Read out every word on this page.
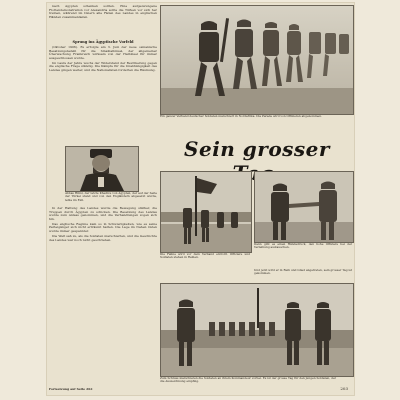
nach Ägypten schenken sollten. Eine aufgezwungene Flottendemonstration vor Alexandria sollte die Türken vor sich her treiben, während im Innern alle Fäden des Landes in englischen Händen zusammenliefen.

Sprung ins Ägyptische Vorfeld

(Oktober 1906). Es erfolgte am 3. Juni der neue osmanische Besatzungsbefehl für die Sinaihalbinsel, der allgemeiner Überwachung Frankreich wirksam von der Halbinsel für immer ausgeschlossen wurde.

Im Laufe der Jahre wuchs der Widerstand der Bevölkerung gegen die englische Frage ständig. Die Kämpfe für die Unabhängigkeit des Landes gingen weiter, und die Nationalisten forderten die Räumung.

Abbas Hilmi, der letzte Khedive von Ägypten, der auf der Seite der Türkei stand und von den Engländern abgesetzt wurde, lebte im Exil.

In der Haltung des Landes wurde die Bewegung stärker, die Truppen durch Ägypten zu schicken. Die Besetzung des Landes wurde zum Anlass genommen, und die Verhandlungen zogen sich hin.

Das englische Regime kam so in Schwierigkeiten, wie es seine Parteigänger sich nicht erträumt hatten. Die Lage im Nahen Osten wurde immer gespannter.

Die Welt sah zu, als die Soldaten marschierten, und die Geschichte des Landes war noch nicht geschrieben.

Fortsetzung auf Seite 262
Ein ganzer Verband deutscher Soldaten marschiert in Nordafrika. Die Parade wird von Offizieren abgenommen.
Sein grosser
Die Fahne wird vor dem Verband entrollt. Offiziere und Soldaten stehen in Reihen.
Dann gibt es einen Händedruck, den hohe Offiziere bei der Verleihung austauschen.
Und jetzt wird er in Reih und Glied angetreten, sein grosser Tag ist gekommen.
Zum Schluss marschieren die Soldaten an ihrem Kommandeur vorbei. Es ist der grosse Tag für den jungen Soldaten, der die Auszeichnung empfing.
203
